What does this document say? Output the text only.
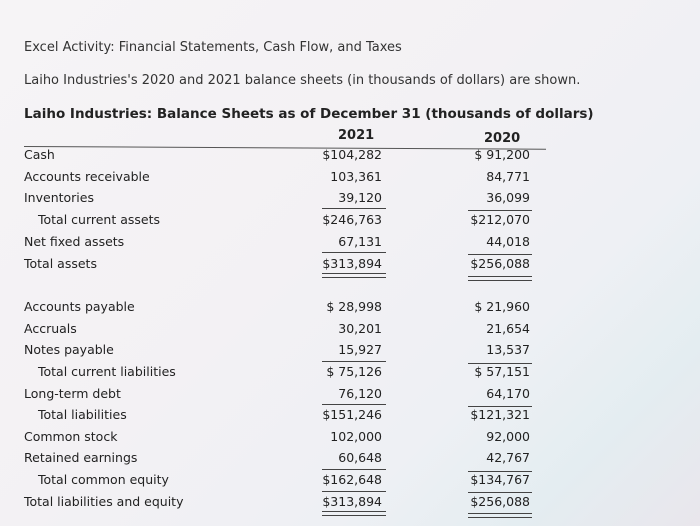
Excel Activity: Financial Statements, Cash Flow, and Taxes
Laiho Industries's 2020 and 2021 balance sheets (in thousands of dollars) are shown.
Laiho Industries: Balance Sheets as of December 31 (thousands of dollars)
2021	2020
Cash	$104,282	$ 91,200
Accounts receivable	103,361	84,771
Inventories	39,120	36,099
Total current assets	$246,763	$212,070
Net fixed assets	67,131	44,018
Total assets	$313,894	$256,088
Accounts payable	$ 28,998	$ 21,960
Accruals	30,201	21,654
Notes payable	15,927	13,537
Total current liabilities	$ 75,126	$ 57,151
Long-term debt	76,120	64,170
Total liabilities	$151,246	$121,321
Common stock	102,000	92,000
Retained earnings	60,648	42,767
Total common equity	$162,648	$134,767
Total liabilities and equity	$313,894	$256,088
